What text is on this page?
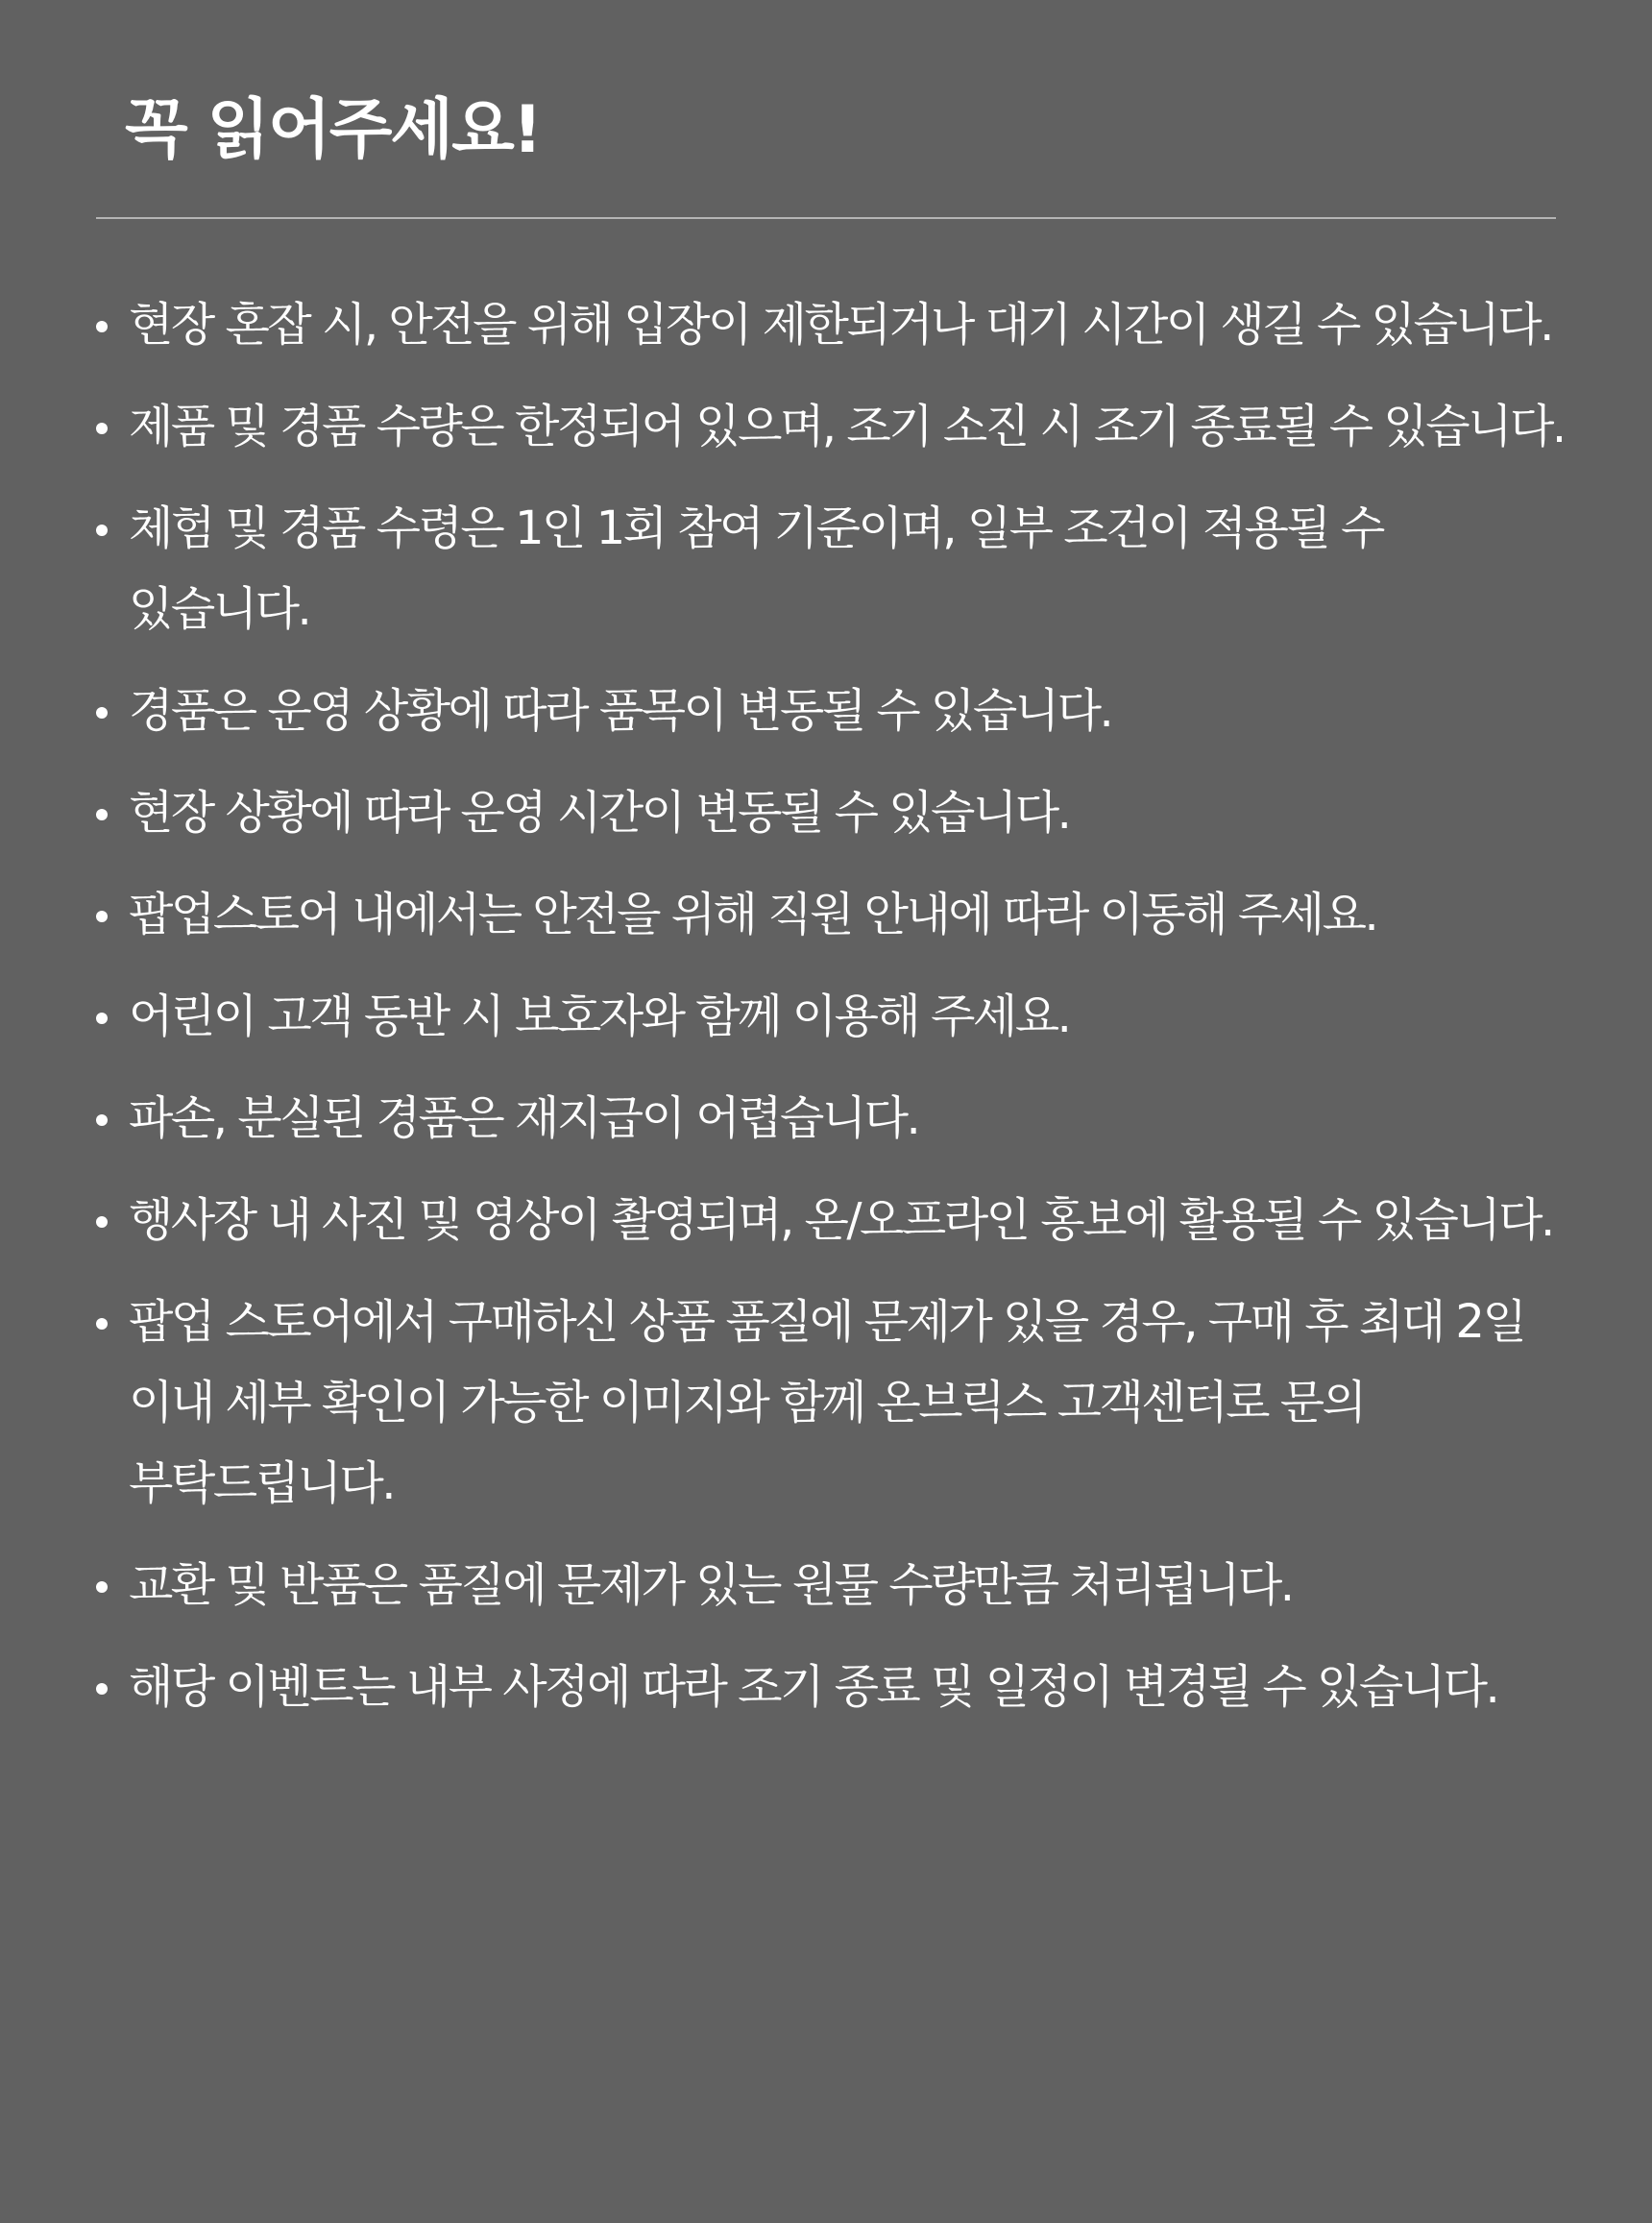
꼭 읽어주세요!
현장 혼잡 시, 안전을 위해 입장이 제한되거나 대기 시간이 생길 수 있습니다.
제품 및 경품 수량은 한정되어 있으며, 조기 소진 시 조기 종료될 수 있습니다.
체험 및 경품 수령은 1인 1회 참여 기준이며, 일부 조건이 적용될 수 있습니다.
경품은 운영 상황에 따라 품목이 변동될 수 있습니다.
현장 상황에 따라 운영 시간이 변동될 수 있습니다.
팝업스토어 내에서는 안전을 위해 직원 안내에 따라 이동해 주세요.
어린이 고객 동반 시 보호자와 함께 이용해 주세요.
파손, 분실된 경품은 재지급이 어렵습니다.
행사장 내 사진 및 영상이 촬영되며, 온/오프라인 홍보에 활용될 수 있습니다.
팝업 스토어에서 구매하신 상품 품질에 문제가 있을 경우, 구매 후 최대 2일 이내 세부 확인이 가능한 이미지와 함께 온브릭스 고객센터로 문의 부탁드립니다.
교환 및 반품은 품질에 문제가 있는 원물 수량만큼 처리됩니다.
해당 이벤트는 내부 사정에 따라 조기 종료 및 일정이 변경될 수 있습니다.
